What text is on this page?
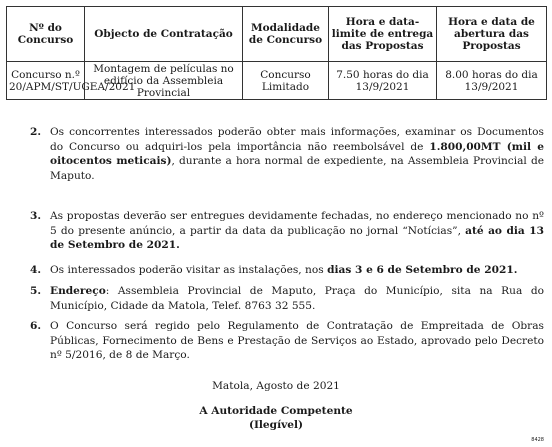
Nº do Concurso	Objecto de Contratação	Modalidade de Concurso	Hora e data-limite de entrega das Propostas	Hora e data de abertura das Propostas
Concurso n.º 20/APM/ST/UGEA/2021	Montagem de películas no edifício da Assembleia Provincial	Concurso Limitado	7.50 horas do dia 13/9/2021	8.00 horas do dia 13/9/2021
2. Os concorrentes interessados poderão obter mais informações, examinar os Documentos do Concurso ou adquiri-los pela importância não reembolsável de 1.800,00MT (mil e oitocentos meticais), durante a hora normal de expediente, na Assembleia Provincial de Maputo.
3. As propostas deverão ser entregues devidamente fechadas, no endereço mencionado no nº 5 do presente anúncio, a partir da data da publicação no jornal “Notícias”, até ao dia 13 de Setembro de 2021.
4. Os interessados poderão visitar as instalações, nos dias 3 e 6 de Setembro de 2021.
5. Endereço: Assembleia Provincial de Maputo, Praça do Município, sita na Rua do Município, Cidade da Matola, Telef. 8763 32 555.
6. O Concurso será regido pelo Regulamento de Contratação de Empreitada de Obras Públicas, Fornecimento de Bens e Prestação de Serviços ao Estado, aprovado pelo Decreto nº 5/2016, de 8 de Março.
Matola, Agosto de 2021
A Autoridade Competente
(Ilegível)
8428
